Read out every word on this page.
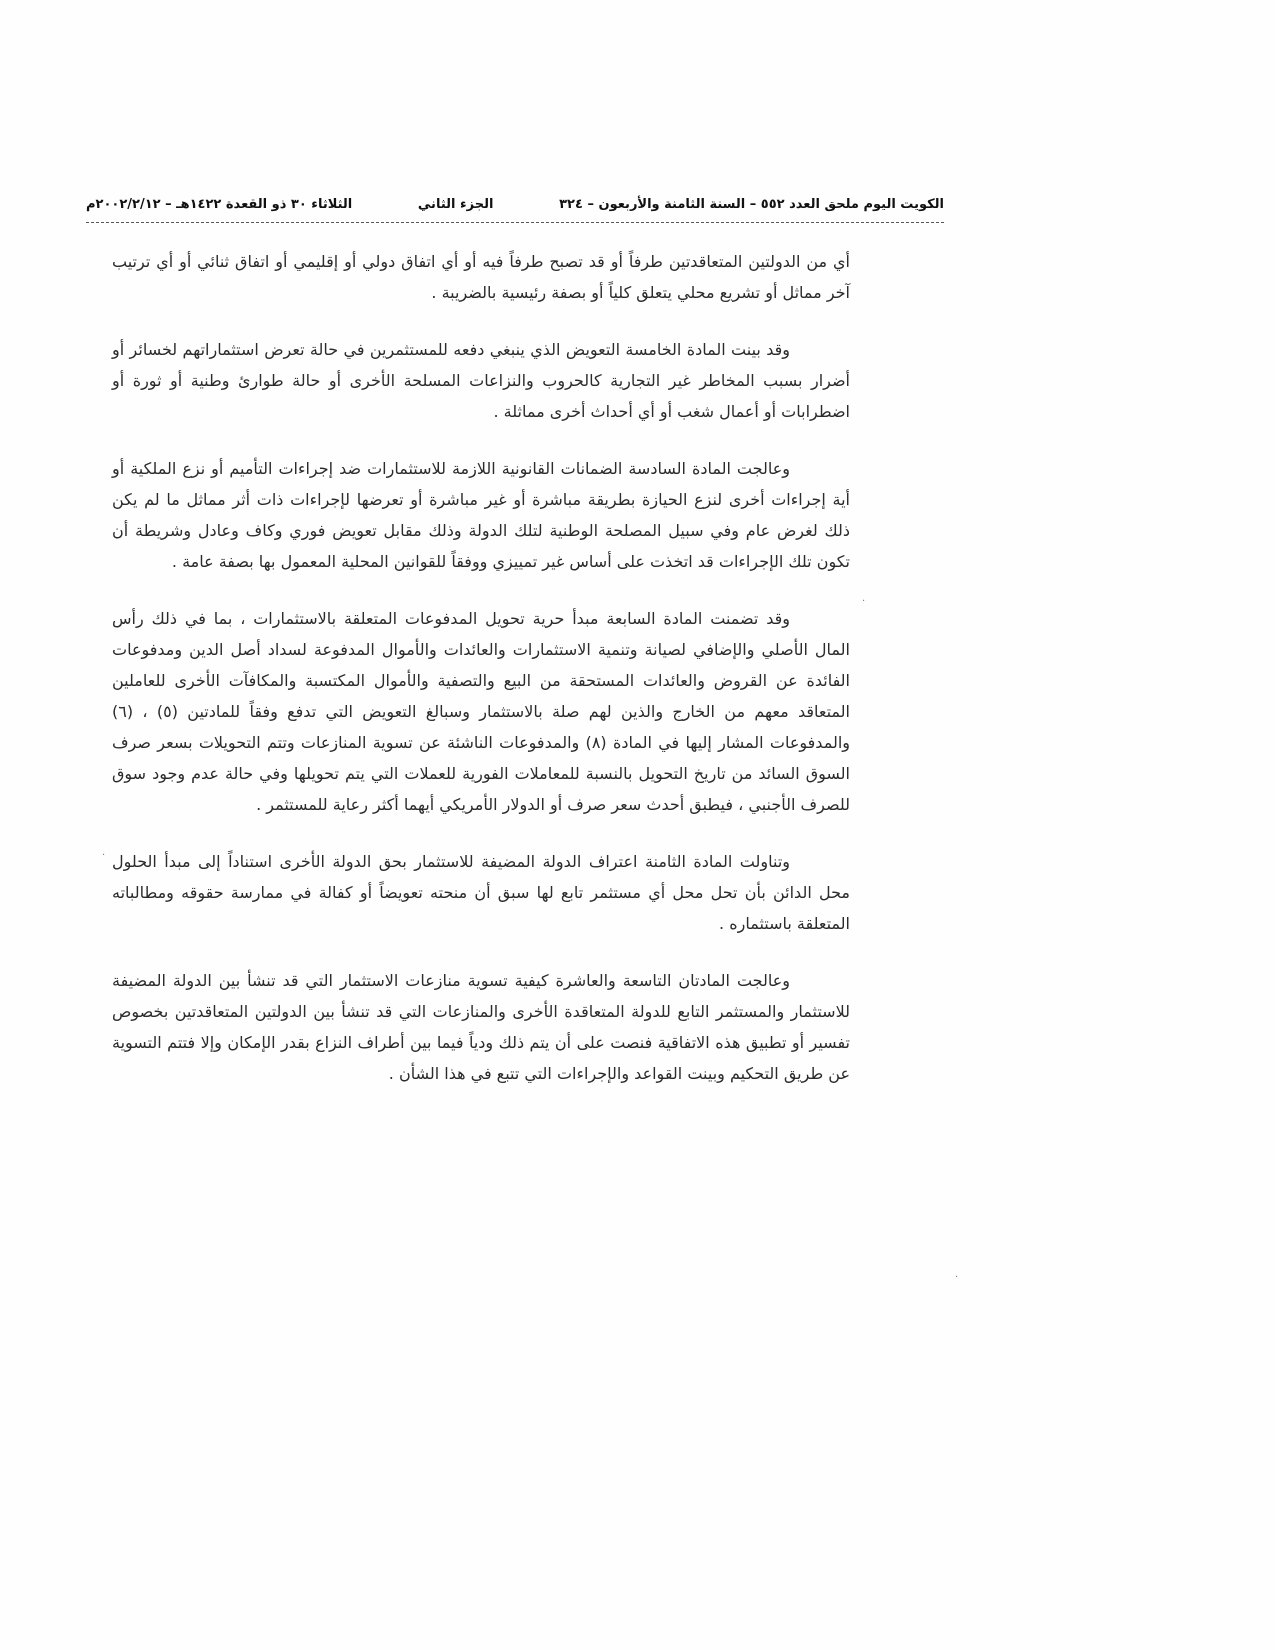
الكويت اليوم ملحق العدد ٥٥٢ – السنة الثامنة والأربعون – ٣٢٤
الجزء الثاني
الثلاثاء ٣٠ ذو القعدة ١٤٢٢هـ – ٢٠٠٢/٢/١٢م

أي من الدولتين المتعاقدتين طرفاً أو قد تصبح طرفاً فيه أو أي اتفاق دولي أو إقليمي أو اتفاق ثنائي أو أي ترتيب آخر مماثل أو تشريع محلي يتعلق كلياً أو بصفة رئيسية بالضريبة .

وقد بينت المادة الخامسة التعويض الذي ينبغي دفعه للمستثمرين في حالة تعرض استثماراتهم لخسائر أو أضرار بسبب المخاطر غير التجارية كالحروب والنزاعات المسلحة الأخرى أو حالة طوارئ وطنية أو ثورة أو اضطرابات أو أعمال شغب أو أي أحداث أخرى مماثلة .

وعالجت المادة السادسة الضمانات القانونية اللازمة للاستثمارات ضد إجراءات التأميم أو نزع الملكية أو أية إجراءات أخرى لنزع الحيازة بطريقة مباشرة أو غير مباشرة أو تعرضها لإجراءات ذات أثر مماثل ما لم يكن ذلك لغرض عام وفي سبيل المصلحة الوطنية لتلك الدولة وذلك مقابل تعويض فوري وكاف وعادل وشريطة أن تكون تلك الإجراءات قد اتخذت على أساس غير تمييزي ووفقاً للقوانين المحلية المعمول بها بصفة عامة .

وقد تضمنت المادة السابعة مبدأ حرية تحويل المدفوعات المتعلقة بالاستثمارات ، بما في ذلك رأس المال الأصلي والإضافي لصيانة وتنمية الاستثمارات والعائدات والأموال المدفوعة لسداد أصل الدين ومدفوعات الفائدة عن القروض والعائدات المستحقة من البيع والتصفية والأموال المكتسبة والمكافآت الأخرى للعاملين المتعاقد معهم من الخارج والذين لهم صلة بالاستثمار وسبالغ التعويض التي تدفع وفقاً للمادتين (٥) ، (٦) والمدفوعات المشار إليها في المادة (٨) والمدفوعات الناشئة عن تسوية المنازعات وتتم التحويلات بسعر صرف السوق السائد من تاريخ التحويل بالنسبة للمعاملات الفورية للعملات التي يتم تحويلها وفي حالة عدم وجود سوق للصرف الأجنبي ، فيطبق أحدث سعر صرف أو الدولار الأمريكي أيهما أكثر رعاية للمستثمر .

وتناولت المادة الثامنة اعتراف الدولة المضيفة للاستثمار بحق الدولة الأخرى استناداً إلى مبدأ الحلول محل الدائن بأن تحل محل أي مستثمر تابع لها سبق أن منحته تعويضاً أو كفالة في ممارسة حقوقه ومطالباته المتعلقة باستثماره .

وعالجت المادتان التاسعة والعاشرة كيفية تسوية منازعات الاستثمار التي قد تنشأ بين الدولة المضيفة للاستثمار والمستثمر التابع للدولة المتعاقدة الأخرى والمنازعات التي قد تنشأ بين الدولتين المتعاقدتين بخصوص تفسير أو تطبيق هذه الاتفاقية فنصت على أن يتم ذلك ودياً فيما بين أطراف النزاع بقدر الإمكان وإلا فتتم التسوية عن طريق التحكيم وبينت القواعد والإجراءات التي تتبع في هذا الشأن .

·
·
·
